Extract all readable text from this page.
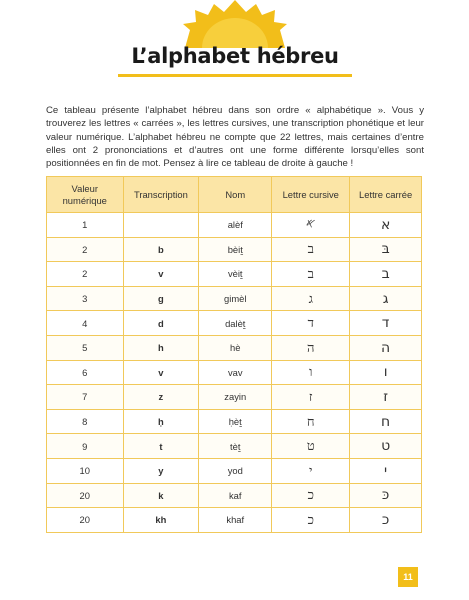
L’alphabet hébreu

Ce tableau présente l’alphabet hébreu dans son ordre « alphabétique ». Vous y trouverez les lettres « carrées », les lettres cursives, une transcription phonétique et leur valeur numérique. L’alphabet hébreu ne compte que 22 lettres, mais certaines d’entre elles ont 2 prononciations et d’autres ont une forme différente lorsqu’elles sont positionnées en fin de mot. Pensez à lire ce tableau de droite à gauche !

Valeur numérique	Transcription	Nom	Lettre cursive	Lettre carrée
1		alèf	𐤀	א
2	b	bèiṯ	ב	בּ
2	v	vèiṯ	ב	ב
3	g	gimèl	ג	ג
4	d	dalèṯ	ד	ד
5	h	hè	ה	ה
6	v	vav	ו	ו
7	z	zayin	ז	ז
8	ḥ	ḥèṯ	ח	ח
9	t	tèṯ	ט	ט
10	y	yod	י	י
20	k	kaf	כ	כּ
20	kh	khaf	כ	כ
11
